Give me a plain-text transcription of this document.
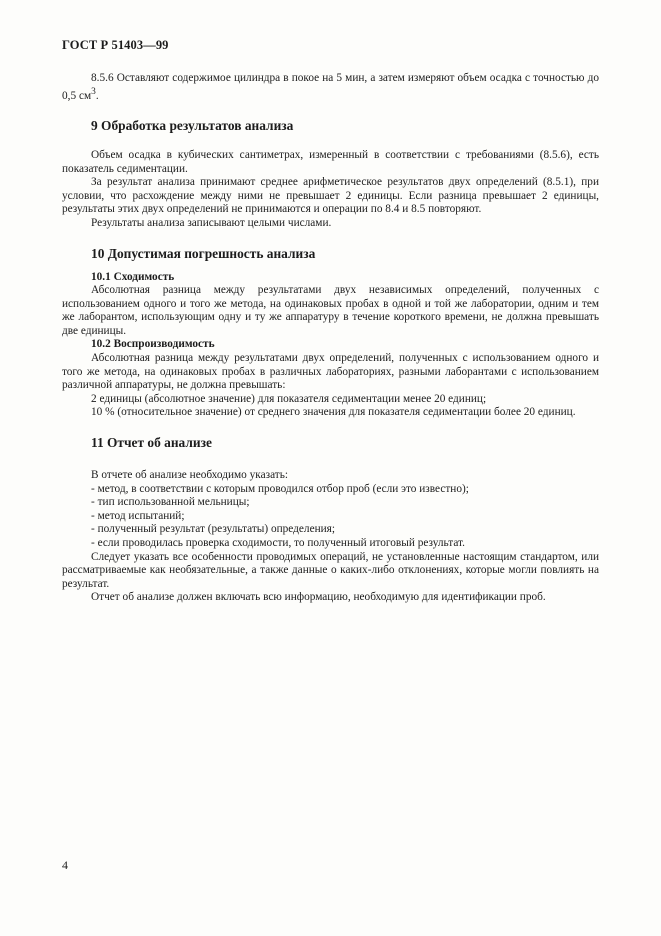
ГОСТ Р 51403—99

8.5.6 Оставляют содержимое цилиндра в покое на 5 мин, а затем измеряют объем осадка с точностью до 0,5 $см^3$.

9 Обработка результатов анализа

Объем осадка в кубических сантиметрах, измеренный в соответствии с требованиями (8.5.6), есть показатель седиментации.

За результат анализа принимают среднее арифметическое результатов двух определений (8.5.1), при условии, что расхождение между ними не превышает 2 единицы. Если разница превышает 2 единицы, результаты этих двух определений не принимаются и операции по 8.4 и 8.5 повторяют.

Результаты анализа записывают целыми числами.

10 Допустимая погрешность анализа
10.1 Сходимость

Абсолютная разница между результатами двух независимых определений, полученных с использованием одного и того же метода, на одинаковых пробах в одной и той же лаборатории, одним и тем же лаборантом, использующим одну и ту же аппаратуру в течение короткого времени, не должна превышать две единицы.

10.2 Воспроизводимость

Абсолютная разница между результатами двух определений, полученных с использованием одного и того же метода, на одинаковых пробах в различных лабораториях, разными лаборантами с использованием различной аппаратуры, не должна превышать:

2 единицы (абсолютное значение) для показателя седиментации менее 20 единиц;

10 % (относительное значение) от среднего значения для показателя седиментации более 20 единиц.

11 Отчет об анализе

В отчете об анализе необходимо указать:

- метод, в соответствии с которым проводился отбор проб (если это известно);

- тип использованной мельницы;

- метод испытаний;

- полученный результат (результаты) определения;

- если проводилась проверка сходимости, то полученный итоговый результат.

Следует указать все особенности проводимых операций, не установленные настоящим стандартом, или рассматриваемые как необязательные, а также данные о каких-либо отклонениях, которые могли повлиять на результат.

Отчет об анализе должен включать всю информацию, необходимую для идентификации проб.

4
